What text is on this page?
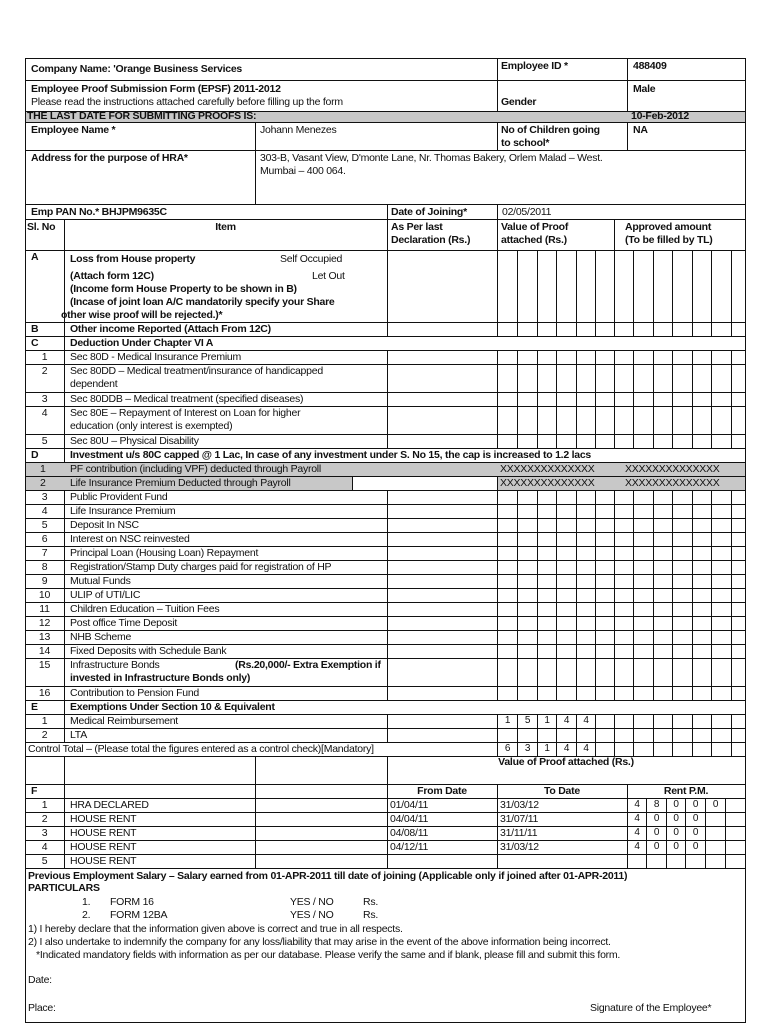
Company Name: 'Orange Business Services	Employee ID *	488409
Employee Proof Submission Form (EPSF) 2011-2012
Please read the instructions attached carefully before filling up the form	Gender
Male
THE LAST DATE FOR SUBMITTING PROOFS IS:	10-Feb-2012
Employee Name *	Johann Menezes	No of Children going
to school*
NA
Address for the purpose of HRA*	303-B, Vasant View, D'monte Lane, Nr. Thomas Bakery, Orlem Malad – West.
Mumbai – 400 064.
Emp PAN No.* BHJPM9635C	Date of Joining*	02/05/2011
Sl. No	Item	As Per last
Declaration (Rs.)
Value of Proof
attached (Rs.)
Approved amount
(To be filled by TL)
A	Loss from House property	Self Occupied
(Attach form 12C)	Let Out
(Income form House Property to be shown in B)
(Incase of joint loan A/C mandatorily specify your Share
other wise proof will be rejected.)*
B	Other income Reported (Attach From 12C)
C	Deduction Under Chapter VI A
1	Sec 80D - Medical Insurance Premium
2	Sec 80DD – Medical treatment/insurance of handicapped
dependent
3	Sec 80DDB – Medical treatment (specified diseases)
4	Sec 80E – Repayment of Interest on Loan for higher
education (only interest is exempted)
5	Sec 80U – Physical Disability
D	Investment u/s 80C capped @ 1 Lac, In case of any investment under S. No 15, the cap is increased to 1.2 lacs
1 PF contribution (including VPF) deducted through Payroll	XXXXXXXXXXXXXX	XXXXXXXXXXXXXX
2 Life Insurance Premium Deducted through Payroll	XXXXXXXXXXXXXX	XXXXXXXXXXXXXX
3	Public Provident Fund
4	Life Insurance Premium
5	Deposit In NSC
6	Interest on NSC reinvested
7	Principal Loan (Housing Loan) Repayment
8	Registration/Stamp Duty charges paid for registration of HP
9	Mutual Funds
10	ULIP of UTI/LIC
11	Children Education – Tuition Fees
12	Post office Time Deposit
13	NHB Scheme
14	Fixed Deposits with Schedule Bank
15	Infrastructure Bonds	(Rs.20,000/- Extra Exemption if
invested in Infrastructure Bonds only)
16	Contribution to Pension Fund
E	Exemptions Under Section 10 & Equivalent
1	Medical Reimbursement	1	5	1	4	4
2	LTA
Control Total – (Please total the figures entered as a control check)[Mandatory]	6	3	1	4	4
Value of Proof attached (Rs.)
F	From Date	To Date	Rent P.M.
1	HRA DECLARED	01/04/11	31/03/12	4	8	0	0	0
2	HOUSE RENT	04/04/11	31/07/11	4	0	0	0
3	HOUSE RENT	04/08/11	31/11/11	4	0	0	0
4	HOUSE RENT	04/12/11	31/03/12	4	0	0	0
5	HOUSE RENT
Previous Employment Salary – Salary earned from 01-APR-2011 till date of joining (Applicable only if joined after 01-APR-2011)
PARTICULARS
1. FORM 16	YES / NO	Rs.
2. FORM 12BA	YES / NO	Rs.
1) I hereby declare that the information given above is correct and true in all respects.
2) I also undertake to indemnify the company for any loss/liability that may arise in the event of the above information being incorrect.
*Indicated mandatory fields with information as per our database. Please verify the same and if blank, please fill and submit this form.
Date:
Place:	Signature of the Employee*
